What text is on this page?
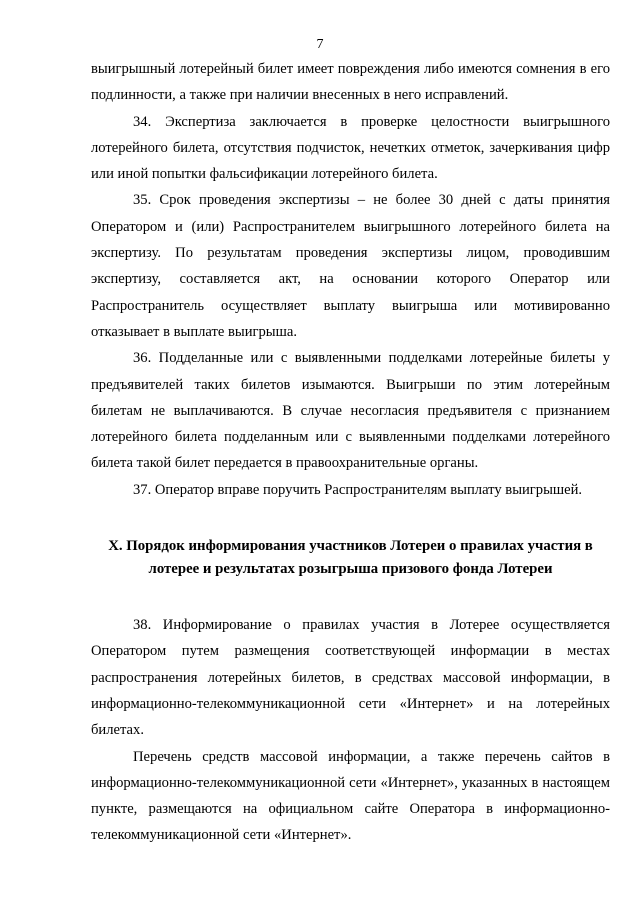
7

выигрышный лотерейный билет имеет повреждения либо имеются сомнения в его подлинности, а также при наличии внесенных в него исправлений.

34. Экспертиза заключается в проверке целостности выигрышного лотерейного билета, отсутствия подчисток, нечетких отметок, зачеркивания цифр или иной попытки фальсификации лотерейного билета.

35. Срок проведения экспертизы – не более 30 дней с даты принятия Оператором и (или) Распространителем выигрышного лотерейного билета на экспертизу. По результатам проведения экспертизы лицом, проводившим экспертизу, составляется акт, на основании которого Оператор или Распространитель осуществляет выплату выигрыша или мотивированно отказывает в выплате выигрыша.

36. Подделанные или с выявленными подделками лотерейные билеты у предъявителей таких билетов изымаются. Выигрыши по этим лотерейным билетам не выплачиваются. В случае несогласия предъявителя с признанием лотерейного билета подделанным или с выявленными подделками лотерейного билета такой билет передается в правоохранительные органы.

37. Оператор вправе поручить Распространителям выплату выигрышей.

X. Порядок информирования участников Лотереи о правилах участия в лотерее и результатах розыгрыша призового фонда Лотереи

38. Информирование о правилах участия в Лотерее осуществляется Оператором путем размещения соответствующей информации в местах распространения лотерейных билетов, в средствах массовой информации, в информационно-телекоммуникационной сети «Интернет» и на лотерейных билетах.

Перечень средств массовой информации, а также перечень сайтов в информационно-телекоммуникационной сети «Интернет», указанных в настоящем пункте, размещаются на официальном сайте Оператора в информационно-телекоммуникационной сети «Интернет».
